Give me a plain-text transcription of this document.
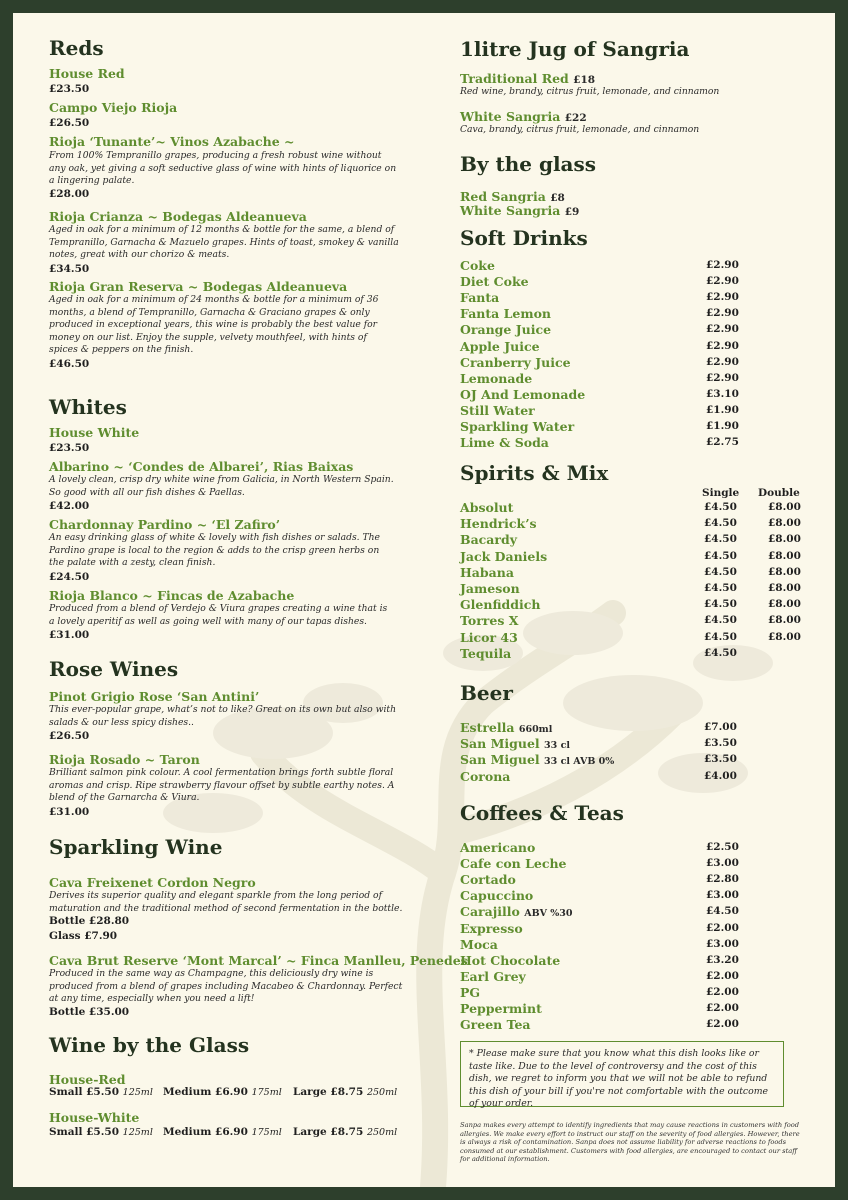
Reds
House Red
£23.50
Campo Viejo Rioja
£26.50
Rioja ‘Tunante’~ Vinos Azabache ~
From 100% Tempranillo grapes, producing a fresh robust wine without any oak, yet giving a soft seductive glass of wine with hints of liquorice on a lingering palate.
£28.00
Rioja Crianza ~ Bodegas Aldeanueva
Aged in oak for a minimum of 12 months & bottle for the same, a blend of Tempranillo, Garnacha & Mazuelo grapes. Hints of toast, smokey & vanilla notes, great with our chorizo & meats.
£34.50
Rioja Gran Reserva ~ Bodegas Aldeanueva
Aged in oak for a minimum of 24 months & bottle for a minimum of 36 months, a blend of Tempranillo, Garnacha & Graciano grapes & only produced in exceptional years, this wine is probably the best value for money on our list. Enjoy the supple, velvety mouthfeel, with hints of spices & peppers on the finish.
£46.50
Whites
House White
£23.50
Albarino ~ ‘Condes de Albarei’, Rias Baixas
A lovely clean, crisp dry white wine from Galicia, in North Western Spain. So good with all our fish dishes & Paellas.
£42.00
Chardonnay Pardino ~ ‘El Zafiro’
An easy drinking glass of white & lovely with fish dishes or salads. The Pardino grape is local to the region & adds to the crisp green herbs on the palate with a zesty, clean finish.
£24.50
Rioja Blanco ~ Fincas de Azabache
Produced from a blend of Verdejo & Viura grapes creating a wine that is a lovely aperitif as well as going well with many of our tapas dishes.
£31.00
Rose Wines
Pinot Grigio Rose ‘San Antini’
This ever-popular grape, what’s not to like? Great on its own but also with salads & our less spicy dishes..
£26.50
Rioja Rosado ~ Taron
Brilliant salmon pink colour. A cool fermentation brings forth subtle floral aromas and crisp. Ripe strawberry flavour offset by subtle earthy notes. A blend of the Garnarcha & Viura.
£31.00
Sparkling Wine
Cava Freixenet Cordon Negro
Derives its superior quality and elegant sparkle from the long period of maturation and the traditional method of second fermentation in the bottle.
Bottle £28.80
Glass £7.90
Cava Brut Reserve ‘Mont Marcal’ ~ Finca Manlleu, Penedes
Produced in the same way as Champagne, this deliciously dry wine is produced from a blend of grapes including Macabeo & Chardonnay. Perfect at any time, especially when you need a lift!
Bottle £35.00
Wine by the Glass
House-Red
Small £5.50 125ml Medium £6.90 175ml Large £8.75 250ml
House-White
Small £5.50 125ml Medium £6.90 175ml Large £8.75 250ml
1litre Jug of Sangria
Traditional Red £18
Red wine, brandy, citrus fruit, lemonade, and cinnamon
White Sangria £22
Cava, brandy, citrus fruit, lemonade, and cinnamon
By the glass
Red Sangria £8
White Sangria £9
Soft Drinks
Coke	£2.90
Diet Coke	£2.90
Fanta	£2.90
Fanta Lemon	£2.90
Orange Juice	£2.90
Apple Juice	£2.90
Cranberry Juice	£2.90
Lemonade	£2.90
OJ And Lemonade	£3.10
Still Water	£1.90
Sparkling Water	£1.90
Lime & Soda	£2.75
Spirits & Mix
Single Double
Absolut	£4.50	£8.00
Hendrick’s	£4.50	£8.00
Bacardy	£4.50	£8.00
Jack Daniels	£4.50	£8.00
Habana	£4.50	£8.00
Jameson	£4.50	£8.00
Glenfiddich	£4.50	£8.00
Torres X	£4.50	£8.00
Licor 43	£4.50	£8.00
Tequila	£4.50
Beer
Estrella 660ml	£7.00
San Miguel 33 cl	£3.50
San Miguel 33 cl AVB 0%	£3.50
Corona	£4.00
Coffees & Teas
Americano	£2.50
Cafe con Leche	£3.00
Cortado	£2.80
Capuccino	£3.00
Carajillo ABV %30	£4.50
Expresso	£2.00
Moca	£3.00
Hot Chocolate	£3.20
Earl Grey	£2.00
PG	£2.00
Peppermint	£2.00
Green Tea	£2.00
* Please make sure that you know what this dish looks like or taste like. Due to the level of controversy and the cost of this dish, we regret to inform you that we will not be able to refund this dish of your bill if you're not comfortable with the outcome of your order.
Sanpa makes every attempt to identify ingredients that may cause reactions in customers with food allergies. We make every effort to instruct our staff on the severity of food allergies. However, there is always a risk of contamination. Sanpa does not assume liability for adverse reactions to foods consumed at our establishment. Customers with food allergies, are encouraged to contact our staff for additional information.
